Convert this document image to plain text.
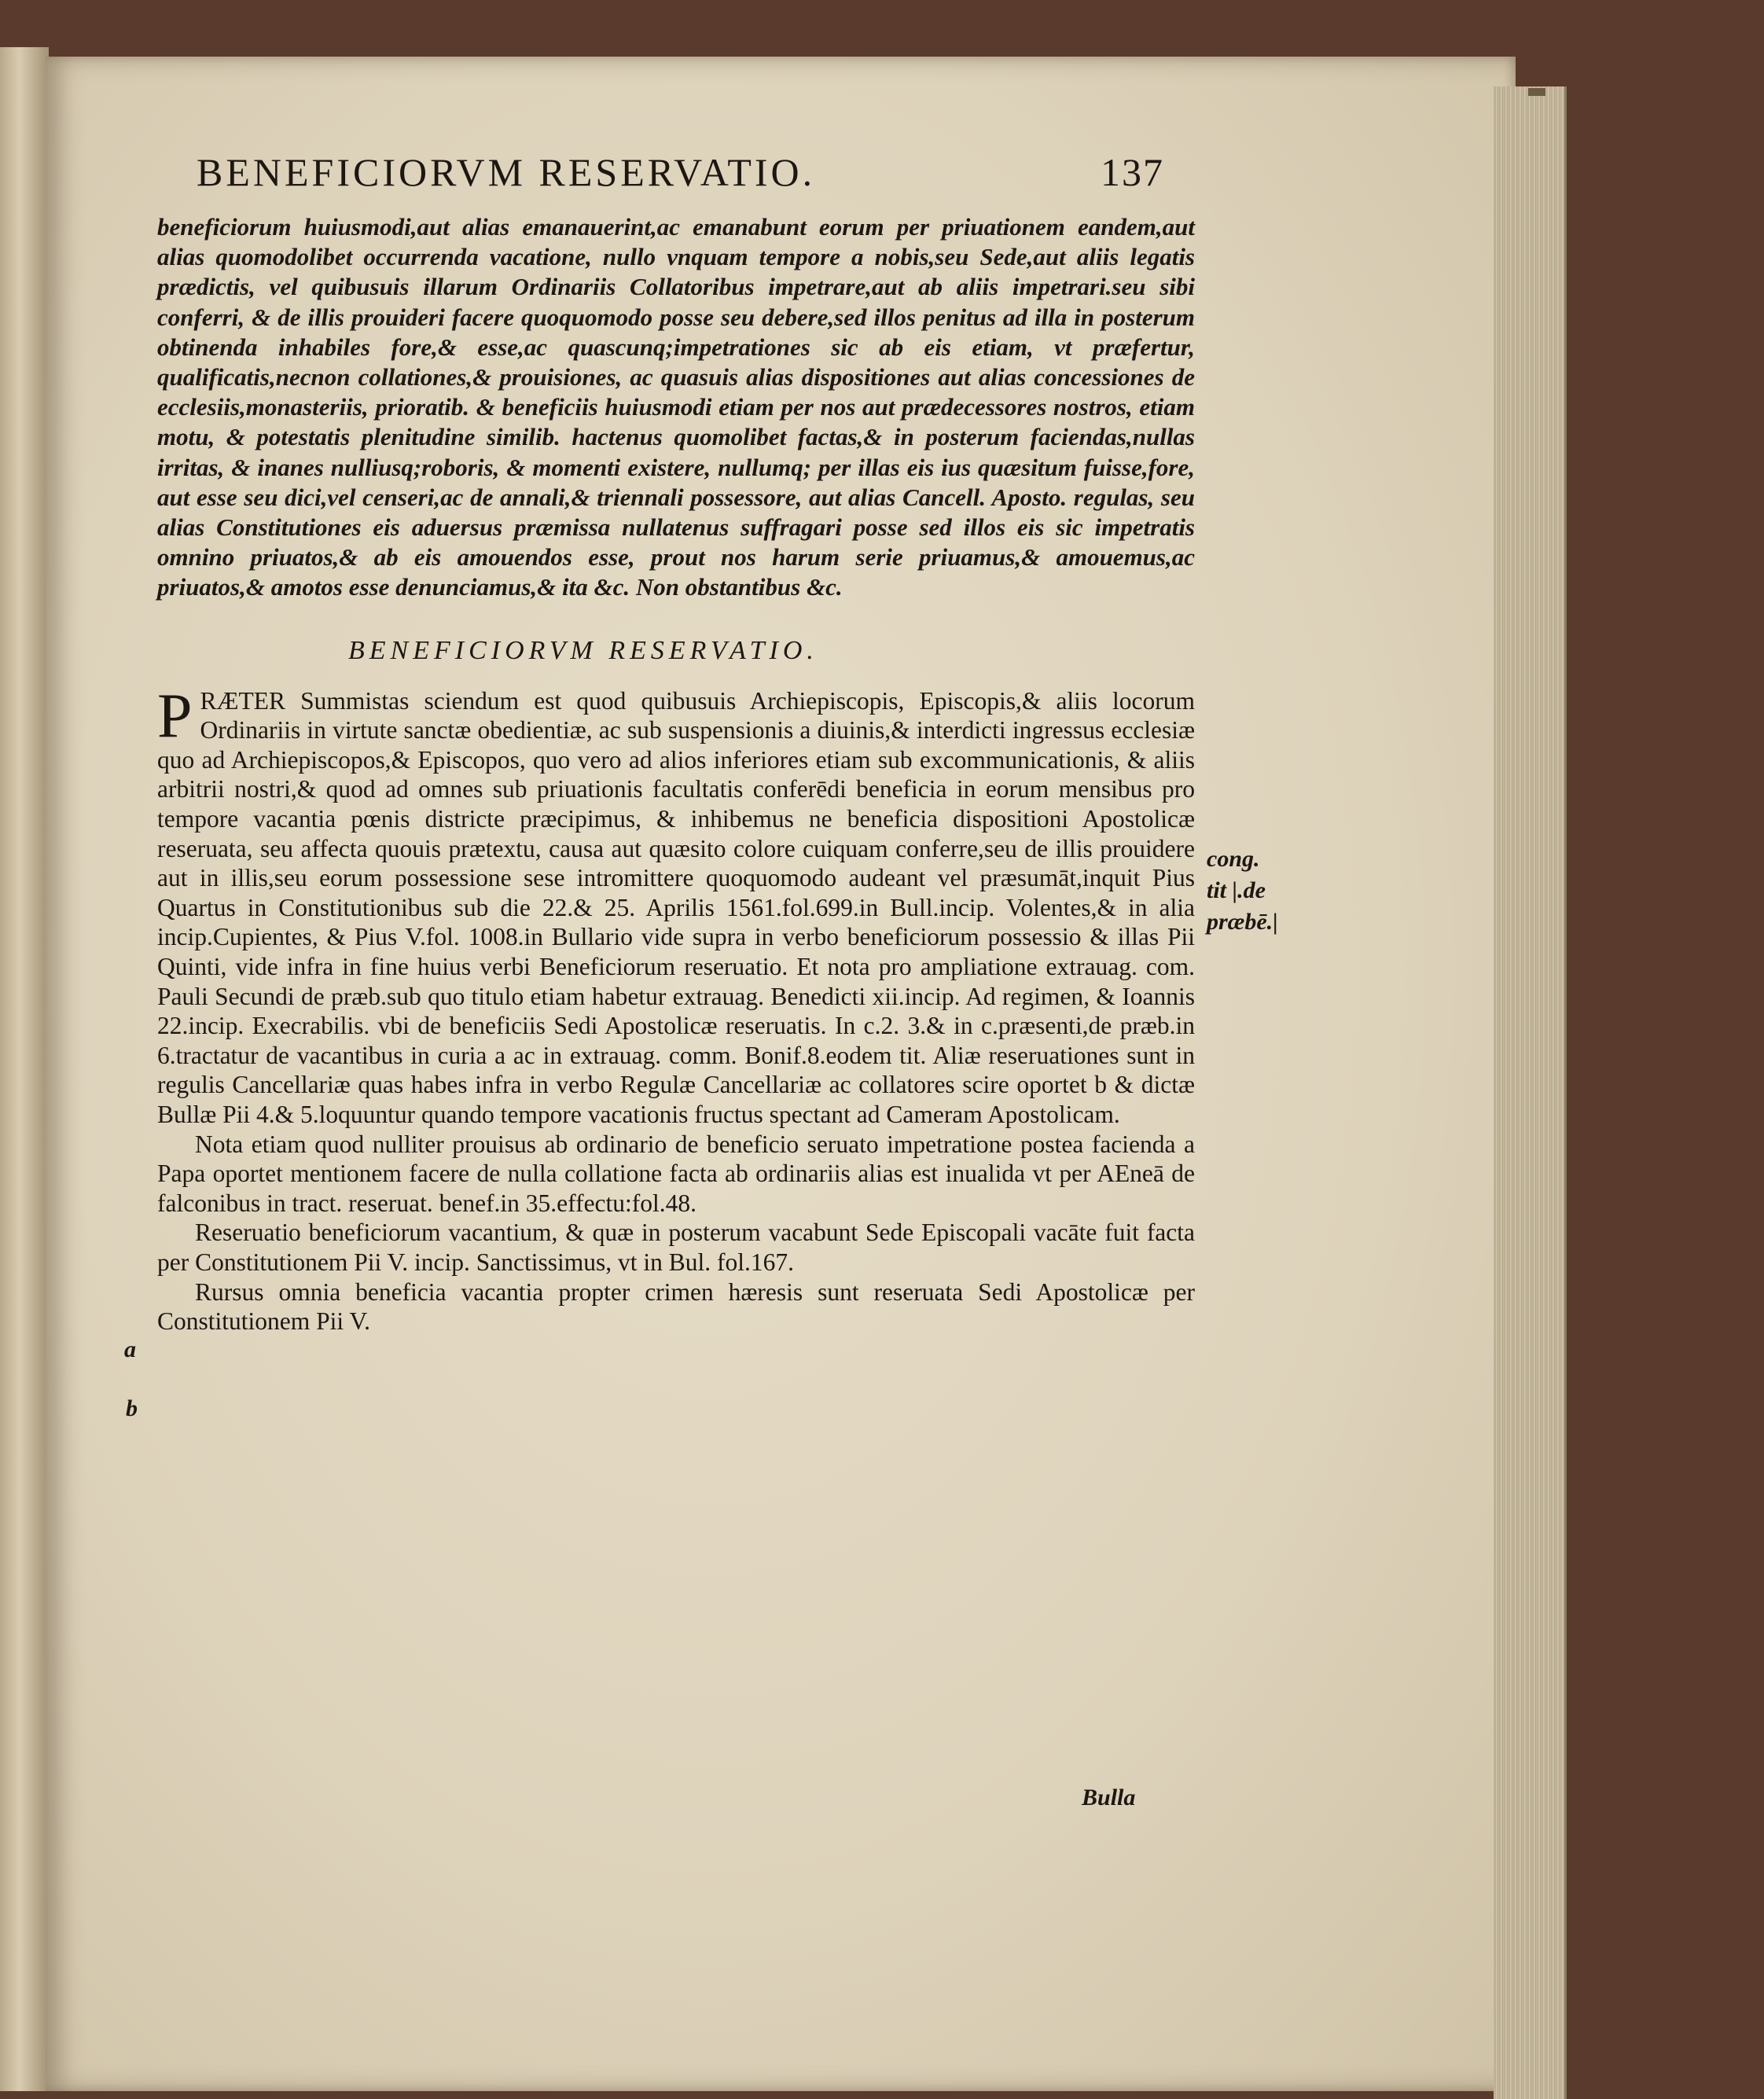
BENEFICIORVM RESERVATIO.	137

beneficiorum huiusmodi,aut alias emanauerint,ac emanabunt eorum per priuationem eandem,aut alias quomodolibet occurrenda vacatione, nullo vnquam tempore a nobis,seu Sede,aut aliis legatis prædictis, vel quibusuis illarum Ordinariis Collatoribus impetrare,aut ab aliis impetrari.seu sibi conferri, & de illis prouideri facere quoquomodo posse seu debere,sed illos penitus ad illa in posterum obtinenda inhabiles fore,& esse,ac quascunq;impetrationes sic ab eis etiam, vt præfertur, qualificatis,necnon collationes,& prouisiones, ac quasuis alias dispositiones aut alias concessiones de ecclesiis,monasteriis, prioratib. & beneficiis huiusmodi etiam per nos aut prædecessores nostros, etiam motu, & potestatis plenitudine similib. hactenus quomolibet factas,& in posterum faciendas,nullas irritas, & inanes nulliusq;roboris, & momenti existere, nullumq; per illas eis ius quæsitum fuisse,fore, aut esse seu dici,vel censeri,ac de annali,& triennali possessore, aut alias Cancell. Aposto. regulas, seu alias Constitutiones eis aduersus præmissa nullatenus suffragari posse sed illos eis sic impetratis omnino priuatos,& ab eis amouendos esse, prout nos harum serie priuamus,& amouemus,ac priuatos,& amotos esse denunciamus,& ita &c. Non obstantibus &c.

BENEFICIORVM RESERVATIO.

P RÆTER Summistas sciendum est quod quibusuis Archiepiscopis, Episcopis,& aliis locorum Ordinariis in virtute sanctæ obedientiæ, ac sub suspensionis a diuinis,& interdicti ingressus ecclesiæ quo ad Archiepiscopos,& Episcopos, quo vero ad alios inferiores etiam sub excommunicationis, & aliis arbitrii nostri,& quod ad omnes sub priuationis facultatis conferēdi beneficia in eorum mensibus pro tempore vacantia pœnis districte præcipimus, & inhibemus ne beneficia dispositioni Apostolicæ reseruata, seu affecta quouis prætextu, causa aut quæsito colore cuiquam conferre,seu de illis prouidere aut in illis,seu eorum possessione sese intromittere quoquomodo audeant vel præsumāt,inquit Pius Quartus in Constitutionibus sub die 22.& 25. Aprilis 1561.fol.699.in Bull.incip. Volentes,& in alia incip.Cupientes, & Pius V.fol. 1008.in Bullario vide supra in verbo beneficiorum possessio & illas Pii Quinti, vide infra in fine huius verbi Beneficiorum reseruatio. Et nota pro ampliatione extrauag. com. Pauli Secundi de præb.sub quo titulo etiam habetur extrauag. Benedicti xii.incip. Ad regimen, & Ioannis 22.incip. Execrabilis. vbi de beneficiis Sedi Apostolicæ reseruatis. In c.2. 3.& in c.præsenti,de præb.in 6.tractatur de vacantibus in curia a ac in extrauag. comm. Bonif.8.eodem tit. Aliæ reseruationes sunt in regulis Cancellariæ quas habes infra in verbo Regulæ Cancellariæ ac collatores scire oportet b & dictæ Bullæ Pii 4.& 5.loquuntur quando tempore vacationis fructus spectant ad Cameram Apostolicam.

Nota etiam quod nulliter prouisus ab ordinario de beneficio seruato impetratione postea facienda a Papa oportet mentionem facere de nulla collatione facta ab ordinariis alias est inualida vt per AEneā de falconibus in tract. reseruat. benef.in 35.effectu:fol.48.

Reseruatio beneficiorum vacantium, & quæ in posterum vacabunt Sede Episcopali vacāte fuit facta per Constitutionem Pii V. incip. Sanctissimus, vt in Bul. fol.167.

Rursus omnia beneficia vacantia propter crimen hæresis sunt reseruata Sedi Apostolicæ per Constitutionem Pii V.

cong.
tit |.de
præbē.|
a
b
Bulla
